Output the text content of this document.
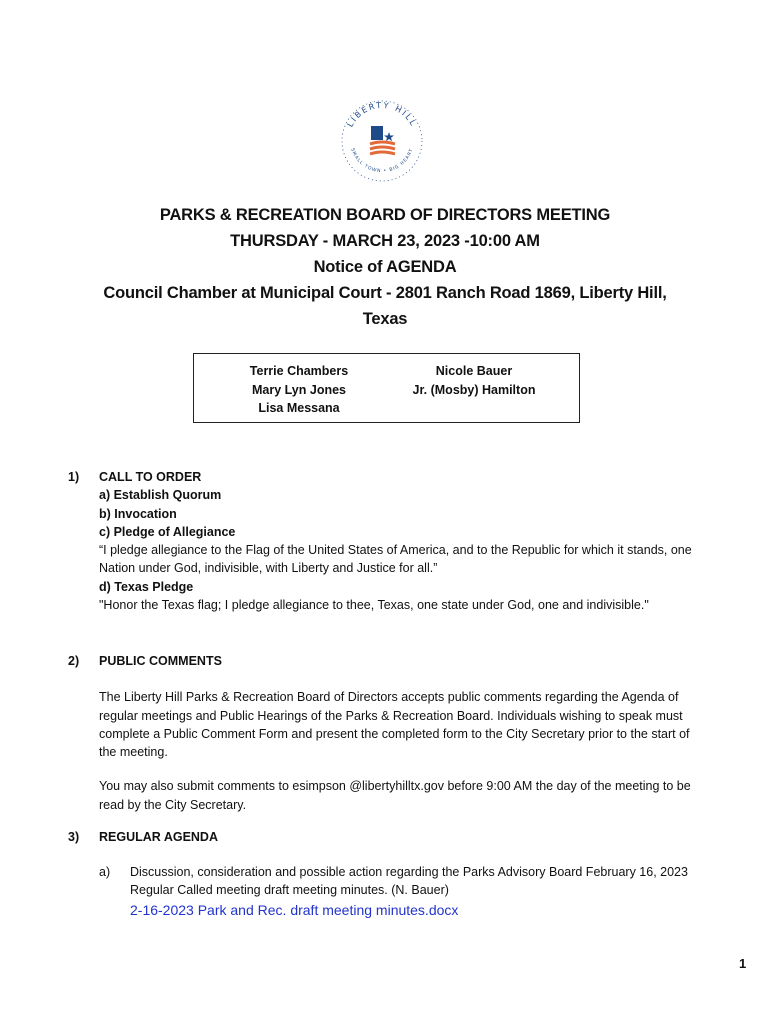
LIBERTY HILL
SMALL TOWN • BIG HEART
PARKS & RECREATION BOARD OF DIRECTORS MEETING
THURSDAY - MARCH 23, 2023 -10:00 AM
Notice of AGENDA
Council Chamber at Municipal Court - 2801 Ranch Road 1869, Liberty Hill,
Texas
Terrie Chambers
Mary Lyn Jones
Lisa Messana
Nicole Bauer
Jr. (Mosby) Hamilton
1) CALL TO ORDER
a) Establish Quorum
b) Invocation
c) Pledge of Allegiance
“I pledge allegiance to the Flag of the United States of America, and to the Republic for which it stands, one Nation under God, indivisible, with Liberty and Justice for all.”
d) Texas Pledge
"Honor the Texas flag; I pledge allegiance to thee, Texas, one state under God, one and indivisible."
2) PUBLIC COMMENTS

The Liberty Hill Parks & Recreation Board of Directors accepts public comments regarding the Agenda of regular meetings and Public Hearings of the Parks & Recreation Board. Individuals wishing to speak must complete a Public Comment Form and present the completed form to the City Secretary prior to the start of the meeting.

You may also submit comments to esimpson @libertyhilltx.gov before 9:00 AM the day of the meeting to be read by the City Secretary.

3) REGULAR AGENDA
a) Discussion, consideration and possible action regarding the Parks Advisory Board February 16, 2023 Regular Called meeting draft meeting minutes. (N. Bauer)
2-16-2023 Park and Rec. draft meeting minutes.docx
1
